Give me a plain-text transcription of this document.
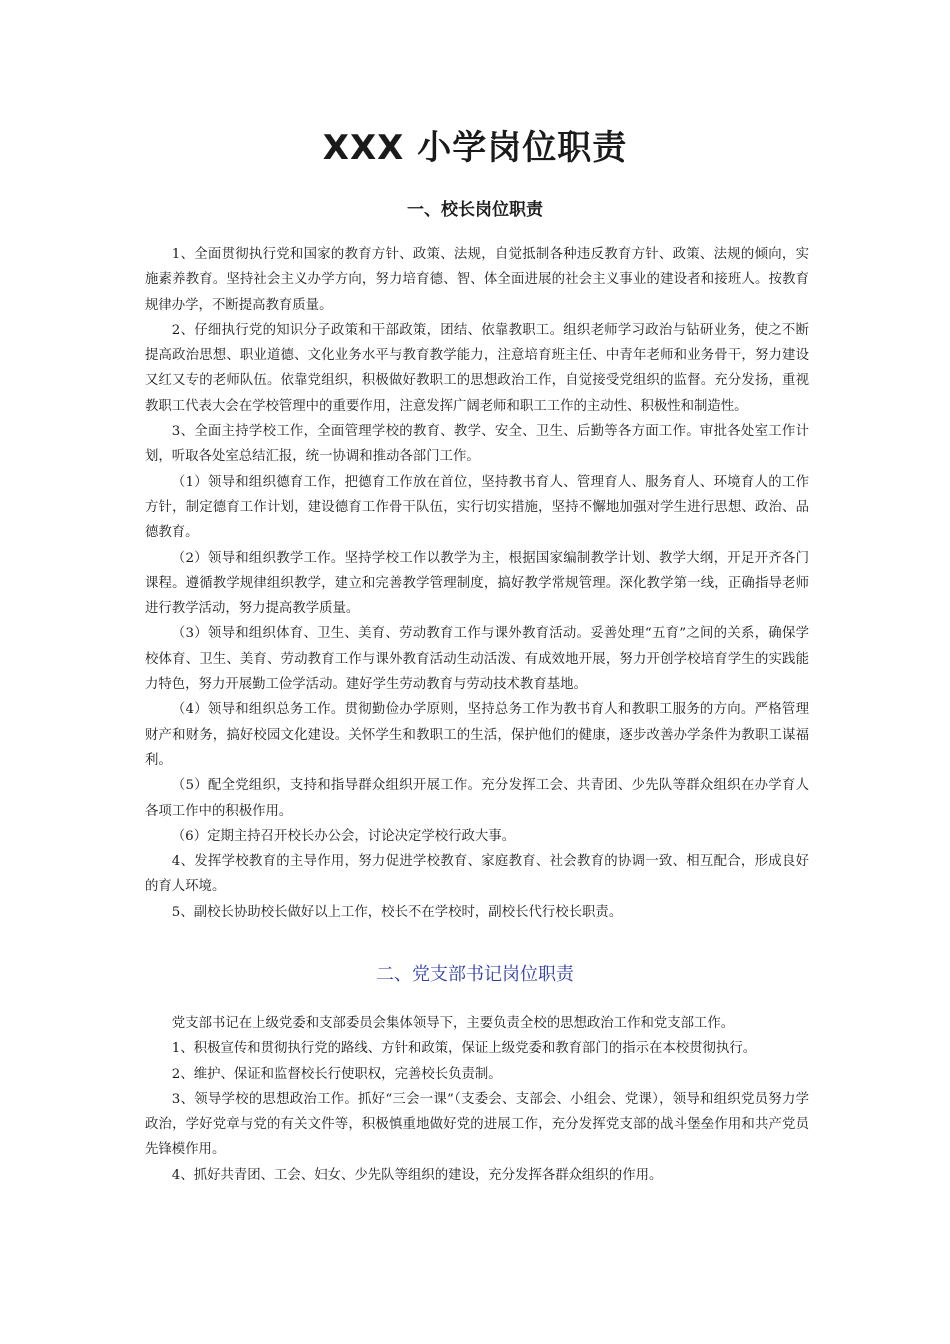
XXX 小学岗位职责
一、校长岗位职责

1、全面贯彻执行党和国家的教育方针、政策、法规，自觉抵制各种违反教育方针、政策、法规的倾向，实施素养教育。坚持社会主义办学方向，努力培育德、智、体全面进展的社会主义事业的建设者和接班人。按教育规律办学，不断提高教育质量。

2、仔细执行党的知识分子政策和干部政策，团结、依靠教职工。组织老师学习政治与钻研业务，使之不断提高政治思想、职业道德、文化业务水平与教育教学能力，注意培育班主任、中青年老师和业务骨干，努力建设又红又专的老师队伍。依靠党组织，积极做好教职工的思想政治工作，自觉接受党组织的监督。充分发扬，重视教职工代表大会在学校管理中的重要作用，注意发挥广阔老师和职工工作的主动性、积极性和制造性。

3、全面主持学校工作，全面管理学校的教育、教学、安全、卫生、后勤等各方面工作。审批各处室工作计划，听取各处室总结汇报，统一协调和推动各部门工作。

（1）领导和组织德育工作，把德育工作放在首位，坚持教书育人、管理育人、服务育人、环境育人的工作方针，制定德育工作计划，建设德育工作骨干队伍，实行切实措施，坚持不懈地加强对学生进行思想、政治、品德教育。

（2）领导和组织教学工作。坚持学校工作以教学为主，根据国家编制教学计划、教学大纲，开足开齐各门课程。遵循教学规律组织教学，建立和完善教学管理制度，搞好教学常规管理。深化教学第一线，正确指导老师进行教学活动，努力提高教学质量。

（3）领导和组织体育、卫生、美育、劳动教育工作与课外教育活动。妥善处理“五育”之间的关系，确保学校体育、卫生、美育、劳动教育工作与课外教育活动生动活泼、有成效地开展，努力开创学校培育学生的实践能力特色，努力开展勤工俭学活动。建好学生劳动教育与劳动技术教育基地。

（4）领导和组织总务工作。贯彻勤俭办学原则，坚持总务工作为教书育人和教职工服务的方向。严格管理财产和财务，搞好校园文化建设。关怀学生和教职工的生活，保护他们的健康，逐步改善办学条件为教职工谋福利。

（5）配全党组织，支持和指导群众组织开展工作。充分发挥工会、共青团、少先队等群众组织在办学育人各项工作中的积极作用。

（6）定期主持召开校长办公会，讨论决定学校行政大事。

4、发挥学校教育的主导作用，努力促进学校教育、家庭教育、社会教育的协调一致、相互配合，形成良好的育人环境。

5、副校长协助校长做好以上工作，校长不在学校时，副校长代行校长职责。

二、党支部书记岗位职责

党支部书记在上级党委和支部委员会集体领导下，主要负责全校的思想政治工作和党支部工作。

1、积极宣传和贯彻执行党的路线、方针和政策，保证上级党委和教育部门的指示在本校贯彻执行。

2、维护、保证和监督校长行使职权，完善校长负责制。

3、领导学校的思想政治工作。抓好“三会一课”（支委会、支部会、小组会、党课），领导和组织党员努力学政治，学好党章与党的有关文件等，积极慎重地做好党的进展工作，充分发挥党支部的战斗堡垒作用和共产党员先锋模作用。

4、抓好共青团、工会、妇女、少先队等组织的建设，充分发挥各群众组织的作用。
